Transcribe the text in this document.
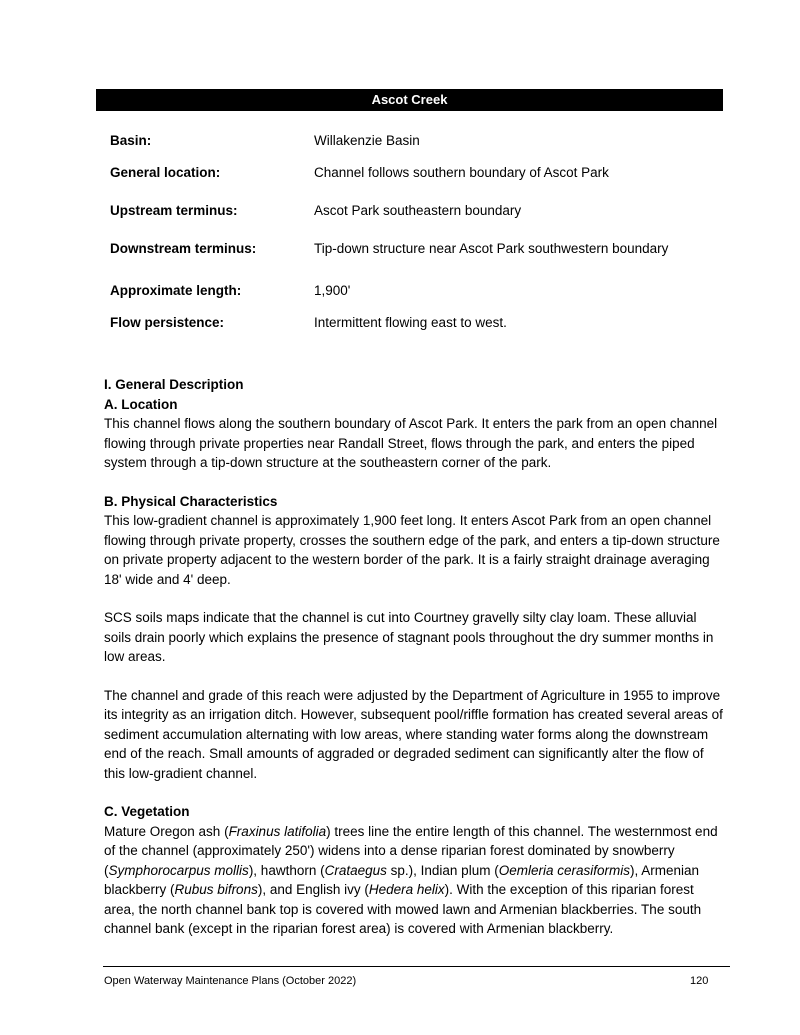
Ascot Creek
Basin:	Willakenzie Basin
General location:	Channel follows southern boundary of Ascot Park
Upstream terminus:	Ascot Park southeastern boundary
Downstream terminus:	Tip-down structure near Ascot Park southwestern boundary
Approximate length:	1,900'
Flow persistence:	Intermittent flowing east to west.

I. General Description

A. Location

This channel flows along the southern boundary of Ascot Park. It enters the park from an open channel flowing through private properties near Randall Street, flows through the park, and enters the piped system through a tip-down structure at the southeastern corner of the park.

B. Physical Characteristics

This low-gradient channel is approximately 1,900 feet long. It enters Ascot Park from an open channel flowing through private property, crosses the southern edge of the park, and enters a tip-down structure on private property adjacent to the western border of the park. It is a fairly straight drainage averaging 18' wide and 4' deep.

SCS soils maps indicate that the channel is cut into Courtney gravelly silty clay loam. These alluvial soils drain poorly which explains the presence of stagnant pools throughout the dry summer months in low areas.

The channel and grade of this reach were adjusted by the Department of Agriculture in 1955 to improve its integrity as an irrigation ditch. However, subsequent pool/riffle formation has created several areas of sediment accumulation alternating with low areas, where standing water forms along the downstream end of the reach. Small amounts of aggraded or degraded sediment can significantly alter the flow of this low-gradient channel.

C. Vegetation

Mature Oregon ash (Fraxinus latifolia) trees line the entire length of this channel. The westernmost end of the channel (approximately 250') widens into a dense riparian forest dominated by snowberry (Symphorocarpus mollis), hawthorn (Crataegus sp.), Indian plum (Oemleria cerasiformis), Armenian blackberry (Rubus bifrons), and English ivy (Hedera helix). With the exception of this riparian forest area, the north channel bank top is covered with mowed lawn and Armenian blackberries. The south channel bank (except in the riparian forest area) is covered with Armenian blackberry.

Open Waterway Maintenance Plans (October 2022)	120
